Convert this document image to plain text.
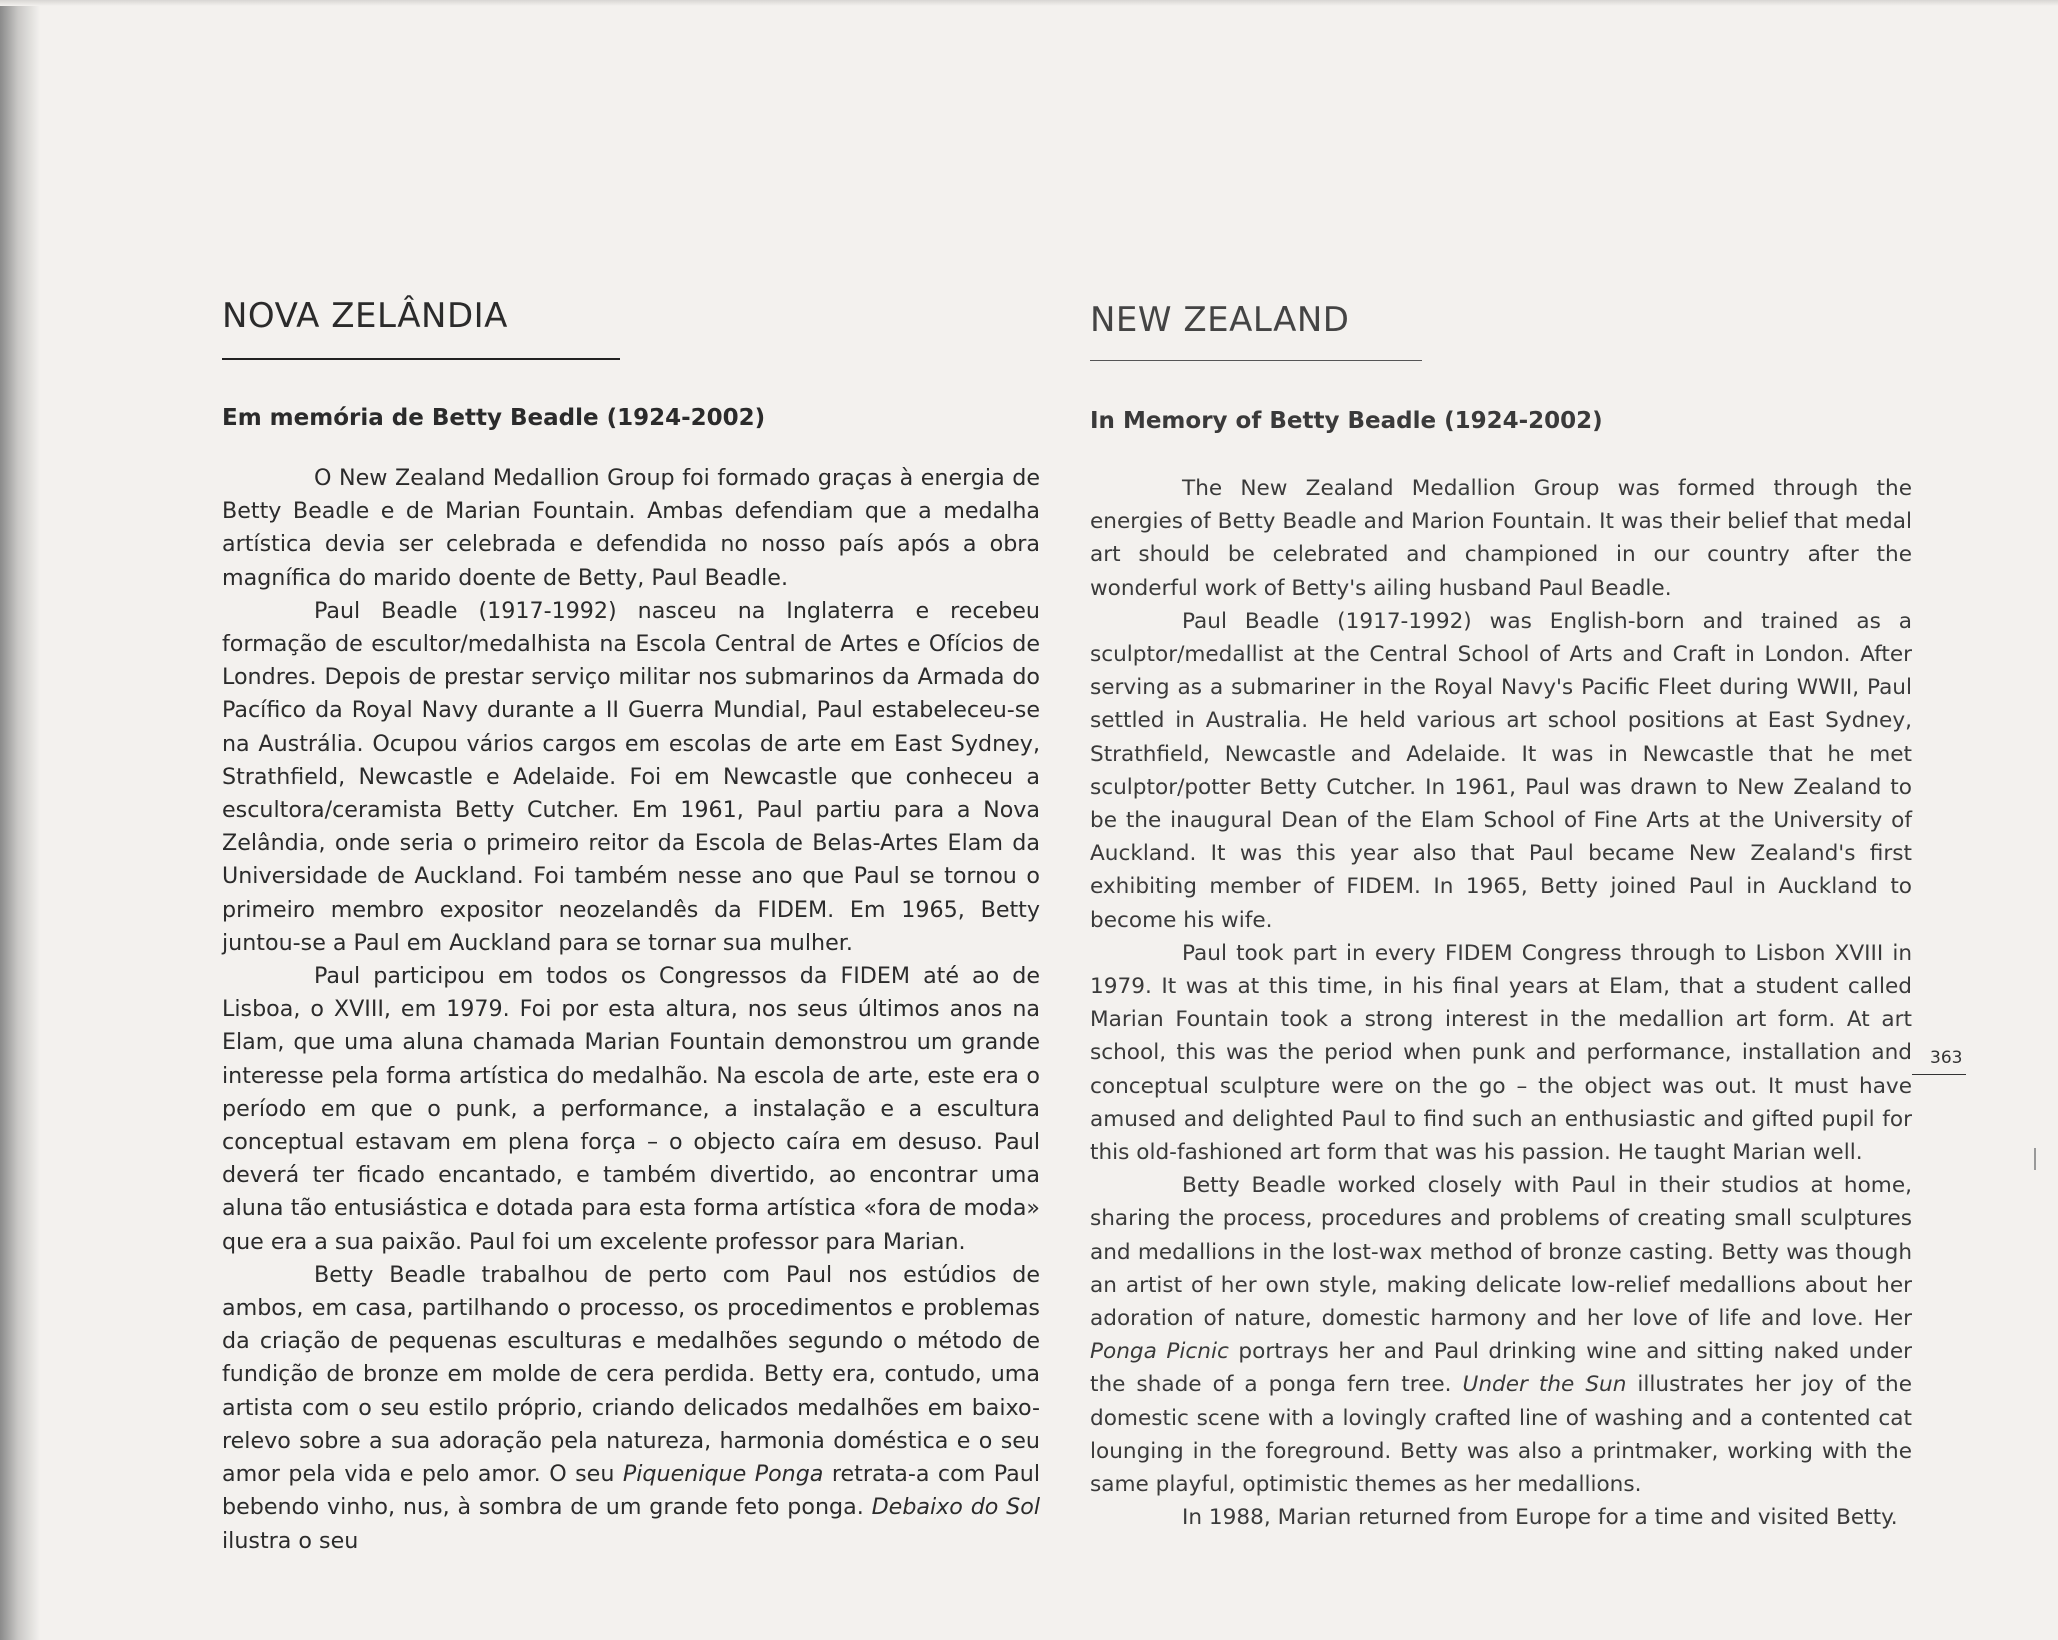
NOVA ZELÂNDIA
Em memória de Betty Beadle (1924-2002)

O New Zealand Medallion Group foi formado graças à energia de Betty Beadle e de Marian Fountain. Ambas defendiam que a medalha artística devia ser celebrada e defendida no nosso país após a obra magnífica do marido doente de Betty, Paul Beadle.

Paul Beadle (1917-1992) nasceu na Inglaterra e recebeu formação de escultor/medalhista na Escola Central de Artes e Ofícios de Londres. Depois de prestar serviço militar nos submarinos da Armada do Pacífico da Royal Navy durante a II Guerra Mundial, Paul estabeleceu-se na Austrália. Ocupou vários cargos em escolas de arte em East Sydney, Strathfield, Newcastle e Adelaide. Foi em Newcastle que conheceu a escultora/ceramista Betty Cutcher. Em 1961, Paul partiu para a Nova Zelândia, onde seria o primeiro reitor da Escola de Belas-Artes Elam da Universidade de Auckland. Foi também nesse ano que Paul se tornou o primeiro membro expositor neozelandês da FIDEM. Em 1965, Betty juntou-se a Paul em Auckland para se tornar sua mulher.

Paul participou em todos os Congressos da FIDEM até ao de Lisboa, o XVIII, em 1979. Foi por esta altura, nos seus últimos anos na Elam, que uma aluna chamada Marian Fountain demonstrou um grande interesse pela forma artística do medalhão. Na escola de arte, este era o período em que o punk, a performance, a instalação e a escultura conceptual estavam em plena força – o objecto caíra em desuso. Paul deverá ter ficado encantado, e também divertido, ao encontrar uma aluna tão entusiástica e dotada para esta forma artística «fora de moda» que era a sua paixão. Paul foi um excelente professor para Marian.

Betty Beadle trabalhou de perto com Paul nos estúdios de ambos, em casa, partilhando o processo, os procedimentos e problemas da criação de pequenas esculturas e medalhões segundo o método de fundição de bronze em molde de cera perdida. Betty era, contudo, uma artista com o seu estilo próprio, criando delicados medalhões em baixo-relevo sobre a sua adoração pela natureza, harmonia doméstica e o seu amor pela vida e pelo amor. O seu Piquenique Ponga retrata-a com Paul bebendo vinho, nus, à sombra de um grande feto ponga. Debaixo do Sol ilustra o seu

NEW ZEALAND
In Memory of Betty Beadle (1924-2002)

The New Zealand Medallion Group was formed through the energies of Betty Beadle and Marion Fountain. It was their belief that medal art should be celebrated and championed in our country after the wonderful work of Betty's ailing husband Paul Beadle.

Paul Beadle (1917-1992) was English-born and trained as a sculptor/medallist at the Central School of Arts and Craft in London. After serving as a submariner in the Royal Navy's Pacific Fleet during WWII, Paul settled in Australia. He held various art school positions at East Sydney, Strathfield, Newcastle and Adelaide. It was in Newcastle that he met sculptor/potter Betty Cutcher. In 1961, Paul was drawn to New Zealand to be the inaugural Dean of the Elam School of Fine Arts at the University of Auckland. It was this year also that Paul became New Zealand's first exhibiting member of FIDEM. In 1965, Betty joined Paul in Auckland to become his wife.

Paul took part in every FIDEM Congress through to Lisbon XVIII in 1979. It was at this time, in his final years at Elam, that a student called Marian Fountain took a strong interest in the medallion art form. At art school, this was the period when punk and performance, installation and conceptual sculpture were on the go – the object was out. It must have amused and delighted Paul to find such an enthusiastic and gifted pupil for this old-fashioned art form that was his passion. He taught Marian well.

Betty Beadle worked closely with Paul in their studios at home, sharing the process, procedures and problems of creating small sculptures and medallions in the lost-wax method of bronze casting. Betty was though an artist of her own style, making delicate low-relief medallions about her adoration of nature, domestic harmony and her love of life and love. Her Ponga Picnic portrays her and Paul drinking wine and sitting naked under the shade of a ponga fern tree. Under the Sun illustrates her joy of the domestic scene with a lovingly crafted line of washing and a contented cat lounging in the foreground. Betty was also a printmaker, working with the same playful, optimistic themes as her medallions.

In 1988, Marian returned from Europe for a time and visited Betty.

363
